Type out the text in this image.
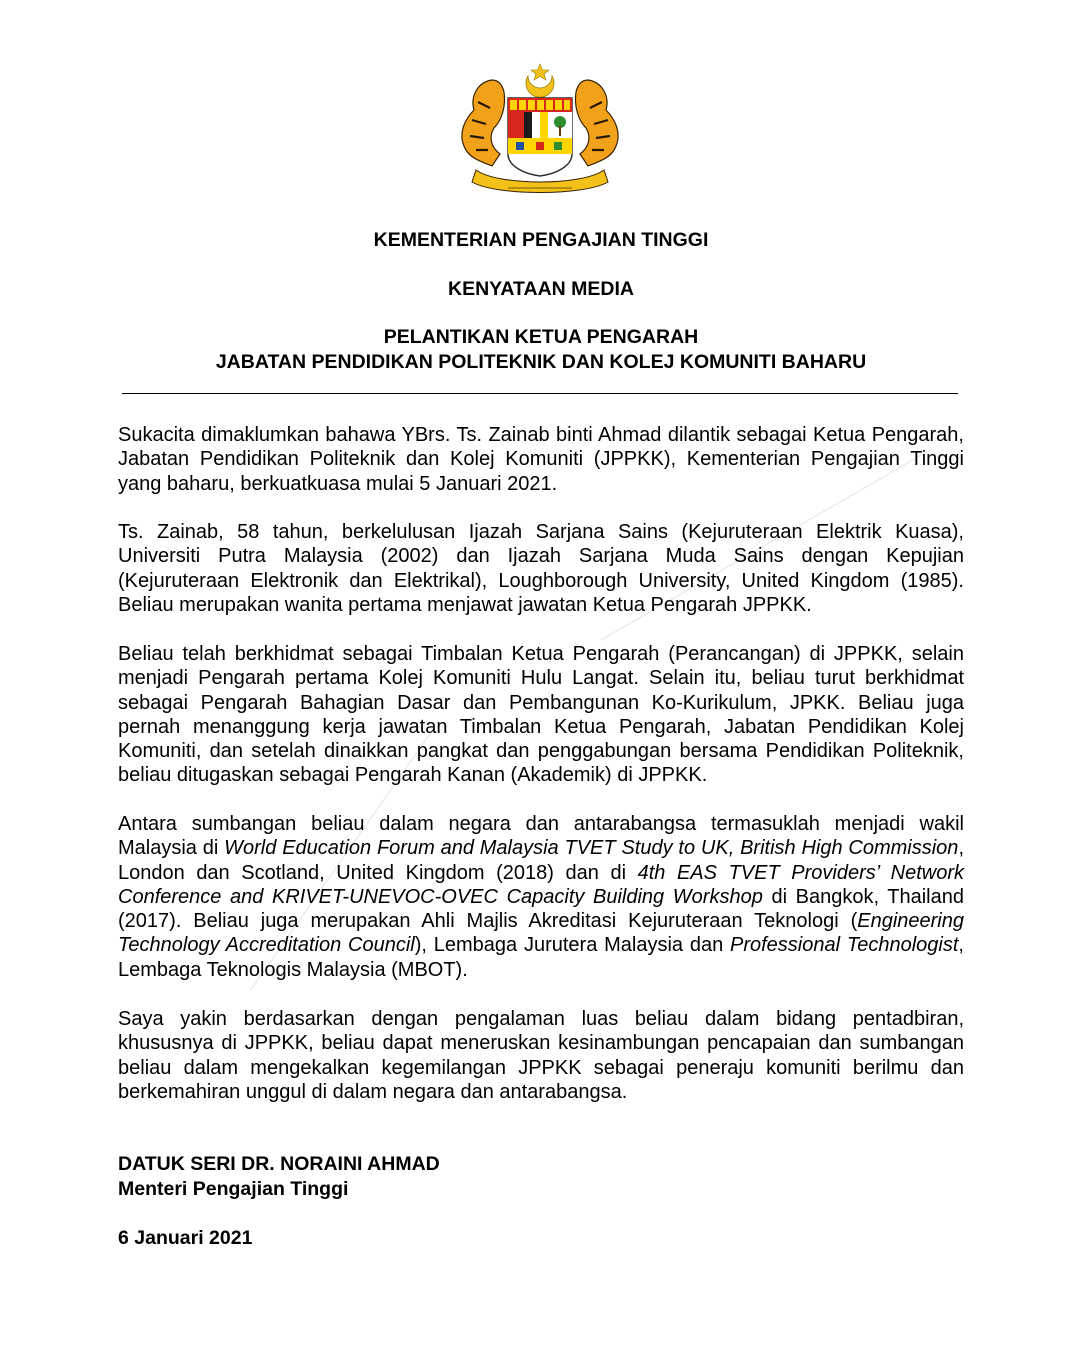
KEMENTERIAN PENGAJIAN TINGGI
KENYATAAN MEDIA
PELANTIKAN KETUA PENGARAH
JABATAN PENDIDIKAN POLITEKNIK DAN KOLEJ KOMUNITI BAHARU

Sukacita dimaklumkan bahawa YBrs. Ts. Zainab binti Ahmad dilantik sebagai Ketua Pengarah, Jabatan Pendidikan Politeknik dan Kolej Komuniti (JPPKK), Kementerian Pengajian Tinggi yang baharu, berkuatkuasa mulai 5 Januari 2021.

Ts. Zainab, 58 tahun, berkelulusan Ijazah Sarjana Sains (Kejuruteraan Elektrik Kuasa), Universiti Putra Malaysia (2002) dan Ijazah Sarjana Muda Sains dengan Kepujian (Kejuruteraan Elektronik dan Elektrikal), Loughborough University, United Kingdom (1985). Beliau merupakan wanita pertama menjawat jawatan Ketua Pengarah JPPKK.

Beliau telah berkhidmat sebagai Timbalan Ketua Pengarah (Perancangan) di JPPKK, selain menjadi Pengarah pertama Kolej Komuniti Hulu Langat. Selain itu, beliau turut berkhidmat sebagai Pengarah Bahagian Dasar dan Pembangunan Ko-Kurikulum, JPKK. Beliau juga pernah menanggung kerja jawatan Timbalan Ketua Pengarah, Jabatan Pendidikan Kolej Komuniti, dan setelah dinaikkan pangkat dan penggabungan bersama Pendidikan Politeknik, beliau ditugaskan sebagai Pengarah Kanan (Akademik) di JPPKK.

Antara sumbangan beliau dalam negara dan antarabangsa termasuklah menjadi wakil Malaysia di World Education Forum and Malaysia TVET Study to UK, British High Commission, London dan Scotland, United Kingdom (2018) dan di 4th EAS TVET Providers’ Network Conference and KRIVET-UNEVOC-OVEC Capacity Building Workshop di Bangkok, Thailand (2017). Beliau juga merupakan Ahli Majlis Akreditasi Kejuruteraan Teknologi (Engineering Technology Accreditation Council), Lembaga Jurutera Malaysia dan Professional Technologist, Lembaga Teknologis Malaysia (MBOT).

Saya yakin berdasarkan dengan pengalaman luas beliau dalam bidang pentadbiran, khususnya di JPPKK, beliau dapat meneruskan kesinambungan pencapaian dan sumbangan beliau dalam mengekalkan kegemilangan JPPKK sebagai peneraju komuniti berilmu dan berkemahiran unggul di dalam negara dan antarabangsa.

DATUK SERI DR. NORAINI AHMAD
Menteri Pengajian Tinggi
6 Januari 2021
